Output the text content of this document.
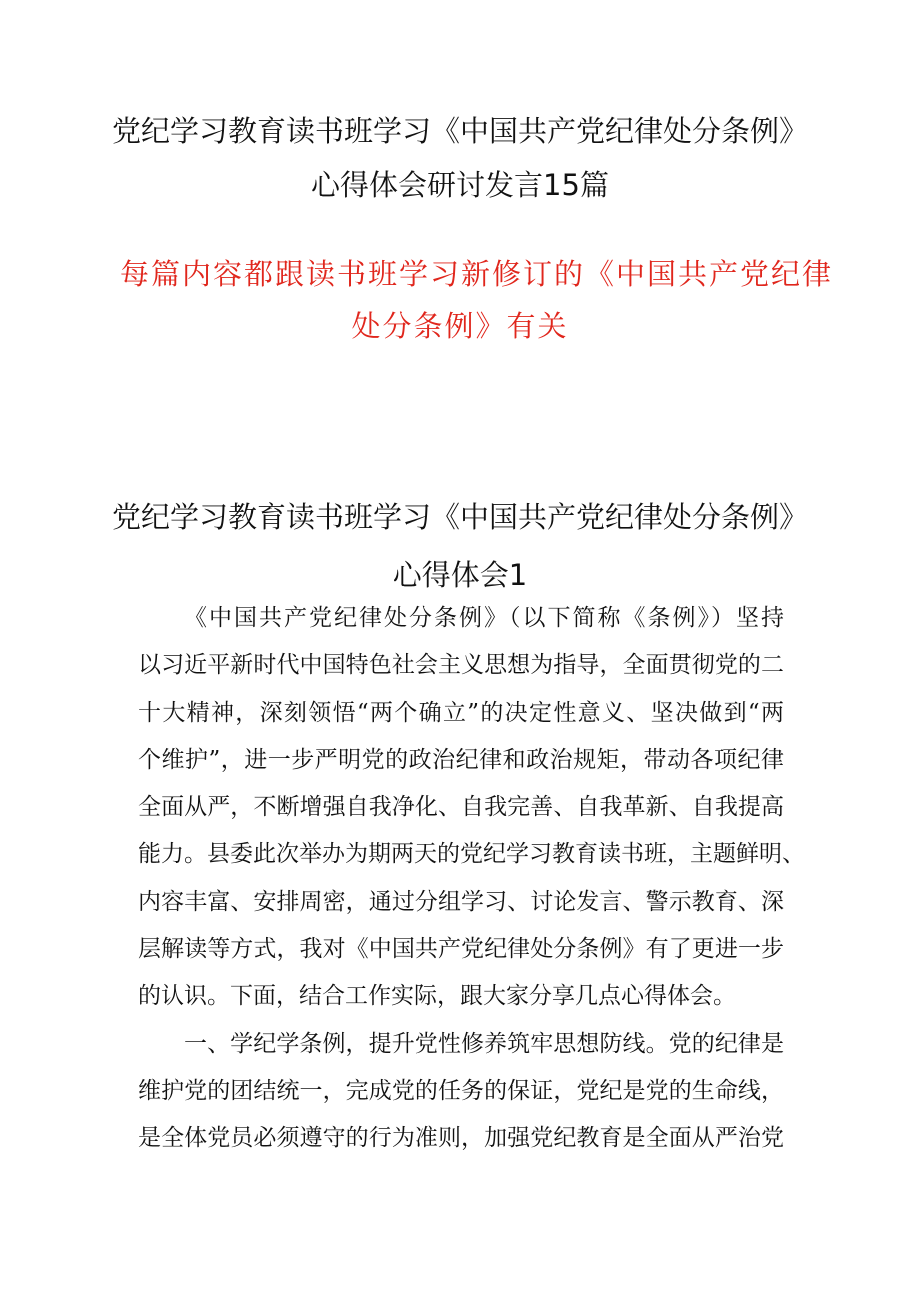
党纪学习教育读书班学习《中国共产党纪律处分条例》
心得体会研讨发言15篇
每篇内容都跟读书班学习新修订的《中国共产党纪律
处分条例》有关
党纪学习教育读书班学习《中国共产党纪律处分条例》
心得体会1
《中国共产党纪律处分条例》（以下简称《条例》）坚持
以习近平新时代中国特色社会主义思想为指导，全面贯彻党的二
十大精神，深刻领悟“两个确立”的决定性意义、坚决做到“两
个维护”，进一步严明党的政治纪律和政治规矩，带动各项纪律
全面从严，不断增强自我净化、自我完善、自我革新、自我提高
能力。县委此次举办为期两天的党纪学习教育读书班，主题鲜明、
内容丰富、安排周密，通过分组学习、讨论发言、警示教育、深
层解读等方式，我对《中国共产党纪律处分条例》有了更进一步
的认识。下面，结合工作实际，跟大家分享几点心得体会。
一、学纪学条例，提升党性修养筑牢思想防线。党的纪律是
维护党的团结统一，完成党的任务的保证，党纪是党的生命线，
是全体党员必须遵守的行为准则，加强党纪教育是全面从严治党
